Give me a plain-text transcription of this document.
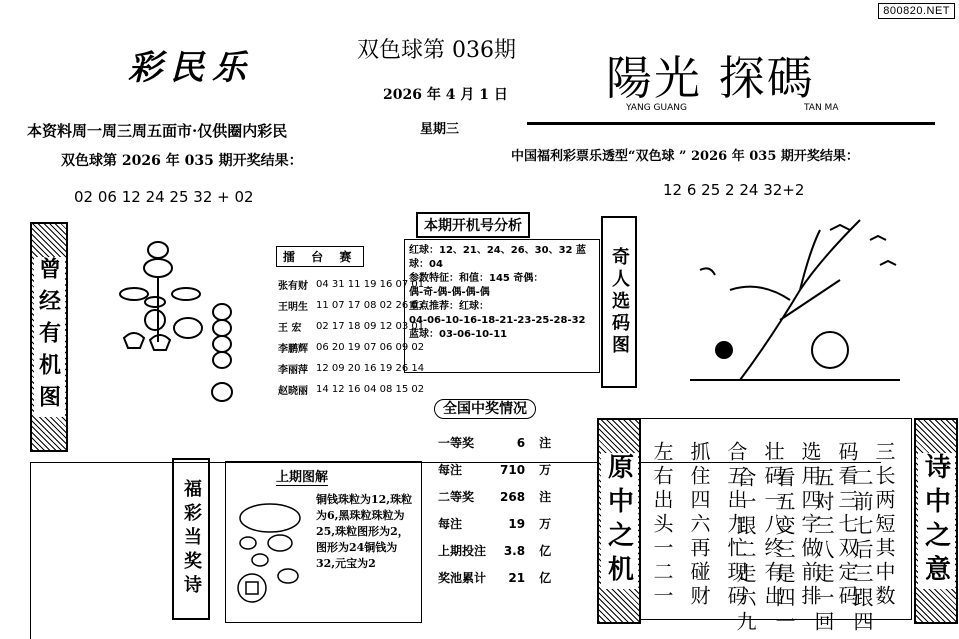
800820.NET
彩民乐	双色球第 036期
2026 年 4 月 1 日
星期三
陽光 探碼
YANG GUANG	TAN MA
本资料周一周三周五面市·仅供圈内彩民
双色球第 2026 年 035 期开奖结果：
02 06 12 24 25 32 + 02
中国福利彩票乐透型“双色球 ” 2026 年 035 期开奖结果：
12 6 25 2 24 32+2
曾经有机图	擂 台 赛
张有财	04 31 11 19 16 07 01
王明生	11 07 17 08 02 26 03
王 宏	02 17 18 09 12 03 01
李鹏辉	06 20 19 07 06 09 02
李丽萍	12 09 20 16 19 26 14
赵晓丽	14 12 16 04 08 15 02
本期开机号分析
红球：12、21、24、26、30、32 蓝
球：04
参数特征：和值：145 奇偶：
偶-奇-偶-偶-偶-偶
重点推荐：红球：
04-06-10-16-18-21-23-25-28-32
蓝球：03-06-10-11	奇人选码图
全国中奖情况
一等奖	6	注
每注	710	万
二等奖	268	注
每注	19	万
上期投注	3.8	亿
奖池累计	21	亿
上期图解
铜钱珠粒为12,珠粒为6,黑珠粒珠粒为25,珠粒图形为2，图形为24铜钱为32,元宝为2	二前七后三跟四
五对三八走一回
看五变三是四一
合一跟二走六九
福彩当奖诗	原中之机	三长两短其中数
码看三七双定码
选用四字做前排
壮码一八终有出
合五出九忙现码
抓住四六再碰财
左右出头一二一	诗中之意
